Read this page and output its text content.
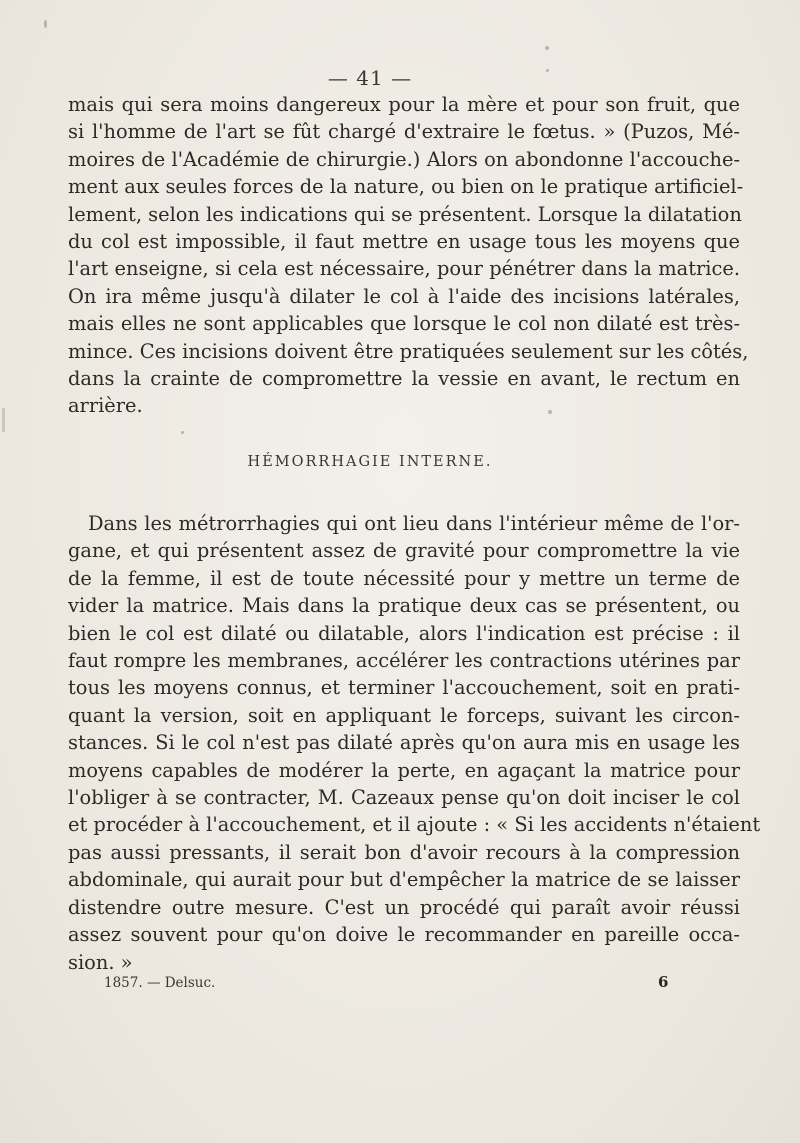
— 41 —
mais qui sera moins dangereux pour la mère et pour son fruit, que
si l'homme de l'art se fût chargé d'extraire le fœtus. » (Puzos, Mé-
moires de l'Académie de chirurgie.) Alors on abondonne l'accouche-
ment aux seules forces de la nature, ou bien on le pratique artificiel-
lement, selon les indications qui se présentent. Lorsque la dilatation
du col est impossible, il faut mettre en usage tous les moyens que
l'art enseigne, si cela est nécessaire, pour pénétrer dans la matrice.
On ira même jusqu'à dilater le col à l'aide des incisions latérales,
mais elles ne sont applicables que lorsque le col non dilaté est très-
mince. Ces incisions doivent être pratiquées seulement sur les côtés,
dans la crainte de compromettre la vessie en avant, le rectum en
arrière.
HÉMORRHAGIE INTERNE.
Dans les métrorrhagies qui ont lieu dans l'intérieur même de l'or-
gane, et qui présentent assez de gravité pour compromettre la vie
de la femme, il est de toute nécessité pour y mettre un terme de
vider la matrice. Mais dans la pratique deux cas se présentent, ou
bien le col est dilaté ou dilatable, alors l'indication est précise : il
faut rompre les membranes, accélérer les contractions utérines par
tous les moyens connus, et terminer l'accouchement, soit en prati-
quant la version, soit en appliquant le forceps, suivant les circon-
stances. Si le col n'est pas dilaté après qu'on aura mis en usage les
moyens capables de modérer la perte, en agaçant la matrice pour
l'obliger à se contracter, M. Cazeaux pense qu'on doit inciser le col
et procéder à l'accouchement, et il ajoute : « Si les accidents n'étaient
pas aussi pressants, il serait bon d'avoir recours à la compression
abdominale, qui aurait pour but d'empêcher la matrice de se laisser
distendre outre mesure. C'est un procédé qui paraît avoir réussi
assez souvent pour qu'on doive le recommander en pareille occa-
sion. »
1857. — Delsuc.	6
